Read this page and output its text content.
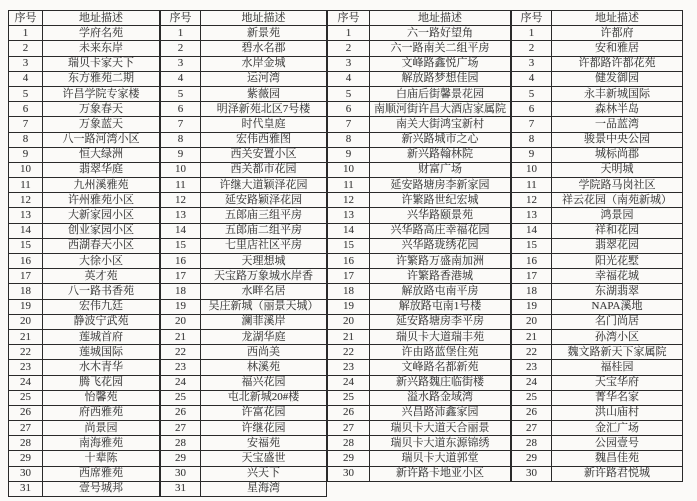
序号	地址描述
1	学府名苑
2	未来东岸
3	瑞贝卡家天下
4	东方雅苑二期
5	许昌学院专家楼
6	万象春天
7	万象蓝天
8	八一路河湾小区
9	恒大绿洲
10	翡翠华庭
11	九州溪雅苑
12	许州雅苑小区
13	大新家园小区
14	创业家园小区
15	西湖春天小区
16	大徐小区
17	英才苑
18	八一路书香苑
19	宏伟九廷
20	静波宁武苑
21	莲城首府
22	莲城国际
23	水木青华
24	腾飞花园
25	怡馨苑
26	府西雅苑
27	尚景园
28	南海雅苑
29	十辈陈
30	西席雅苑
31	壹号城邦
序号	地址描述
1	新景苑
2	碧水名郡
3	水岸金城
4	运河湾
5	紫薇园
6	明泽新苑北区7号楼
7	时代皇庭
8	宏伟西雅图
9	西关安置小区
10	西关都市花园
11	许继大道颖泽花园
12	延安路颖泽花园
13	五郎庙三组平房
14	五郎庙二组平房
15	七里店社区平房
16	天理想城
17	天宝路万象城水岸香
18	水畔名居
19	吴庄新城（丽景天城）
20	澜菲溪岸
21	龙湖华庭
22	西尚美
23	林溪苑
24	福兴花园
25	屯北新城20#楼
26	许富花园
27	许继花园
28	安福苑
29	天宝盛世
30	兴天下
31	星海湾
序号	地址描述
1	六一路好望角
2	六一路南关二组平房
3	文峰路鑫悦广场
4	解放路梦想佳园
5	白庙后街馨景花园
6	南顺河街许昌大酒店家属院
7	南关大街鸿宝新村
8	新兴路城市之心
9	新兴路翰林院
10	财富广场
11	延安路塘房李新家园
12	许繁路世纪宏城
13	兴华路颐景苑
14	兴华路高庄幸福花园
15	兴华路珑绣花园
16	许繁路万盛南加洲
17	许繁路香港城
18	解放路屯南平房
19	解放路屯南1号楼
20	延安路塘房李平房
21	瑞贝卡大道瑞丰苑
22	许由路蓝堡住苑
23	文峰路名都新苑
24	新兴路魏庄临街楼
25	溢水路金域湾
26	兴昌路沛鑫家园
27	瑞贝卡大道天合丽景
28	瑞贝卡大道东源锦绣
29	瑞贝卡大道郭堂
30	新许路卡地亚小区
序号	地址描述
1	许都府
2	安和雅居
3	许都路许都花苑
4	健发御园
5	永丰新城国际
6	森林半岛
7	一品蓝湾
8	骏景中央公园
9	城标尚郡
10	天明城
11	学院路马岗社区
12	祥云花园（南苑新城）
13	鸿景园
14	祥和花园
15	翡翠花园
16	阳光花墅
17	幸福花城
18	东湖翡翠
19	NAPA溪地
20	名门尚居
21	孙湾小区
22	魏文路新天下家属院
23	福桂园
24	天宝华府
25	菁华名家
26	洪山庙村
27	金汇广场
28	公园壹号
29	魏昌佳苑
30	新许路君悦城
